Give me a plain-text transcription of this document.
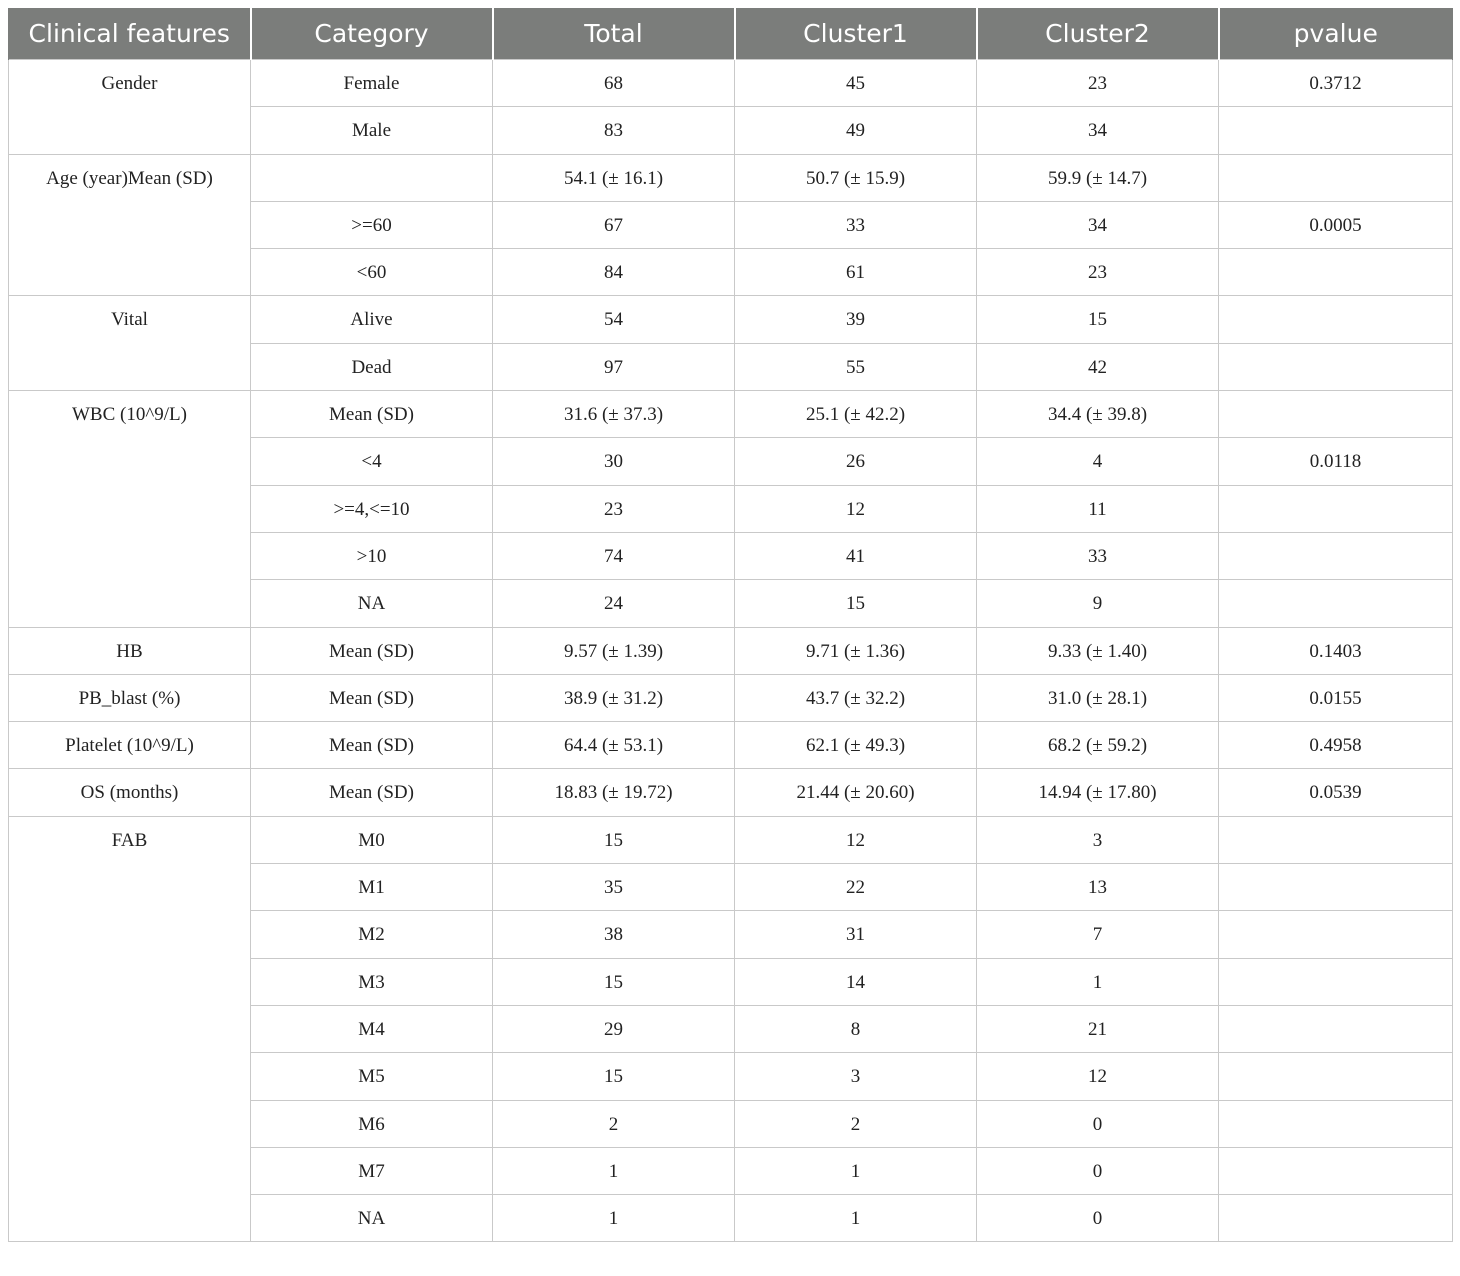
Clinical features	Category	Total	Cluster1	Cluster2	pvalue
Gender	Female	68	45	23	0.3712
	Male	83	49	34	
Age (year)Mean (SD)		54.1 (± 16.1)	50.7 (± 15.9)	59.9 (± 14.7)	
	>=60	67	33	34	0.0005
	<60	84	61	23	
Vital	Alive	54	39	15	
	Dead	97	55	42	
WBC (10^9/L)	Mean (SD)	31.6 (± 37.3)	25.1 (± 42.2)	34.4 (± 39.8)	
	<4	30	26	4	0.0118
	>=4,<=10	23	12	11	
	>10	74	41	33	
	NA	24	15	9	
HB	Mean (SD)	9.57 (± 1.39)	9.71 (± 1.36)	9.33 (± 1.40)	0.1403
PB_blast (%)	Mean (SD)	38.9 (± 31.2)	43.7 (± 32.2)	31.0 (± 28.1)	0.0155
Platelet (10^9/L)	Mean (SD)	64.4 (± 53.1)	62.1 (± 49.3)	68.2 (± 59.2)	0.4958
OS (months)	Mean (SD)	18.83 (± 19.72)	21.44 (± 20.60)	14.94 (± 17.80)	0.0539
FAB	M0	15	12	3	
	M1	35	22	13	
	M2	38	31	7	
	M3	15	14	1	
	M4	29	8	21	
	M5	15	3	12	
	M6	2	2	0	
	M7	1	1	0	
	NA	1	1	0	
